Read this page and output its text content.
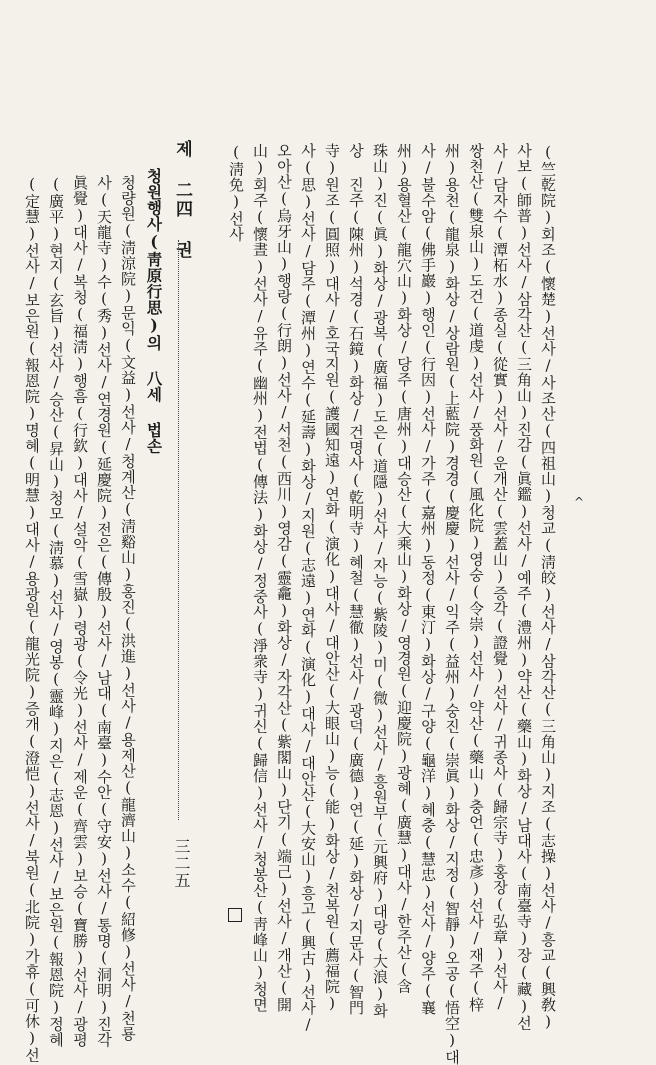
(竺乾院)회조(懷楚)선사/사조산(四祖山)청교(淸皎)선사/삼각산(三角山)지조(志操)선사/흥교(興敎)
사보(師普)선사/삼각산(三角山)진감(眞鑑)선사/예주(澧州)약산(藥山)화상/남대사(南臺寺)장(藏)선
사/담자수(潭柘水)종실(從實)선사/운개산(雲蓋山)증각(證覺)선사/귀종사(歸宗寺)홍장(弘章)선사/
쌍천산(雙泉山)도건(道虔)선사/풍화원(風化院)영숭(令崇)선사/약산(藥山)충언(忠彥)선사/재주(梓
州)용천(龍泉)화상/상람원(上藍院)경경(慶慶)선사/익주(益州)숭진(崇眞)화상/지정(智靜)오공(悟空)대
사/불수암(佛手巖)행인(行因)선사/가주(嘉州)동정(東汀)화상/구양(龜洋)혜충(慧忠)선사/양주(襄
州)용혈산(龍穴山)화상/당주(唐州)대승산(大乘山)화상/영경원(迎慶院)광혜(廣慧)대사/한주산(含
珠山)진(眞)화상/광복(廣福)도은(道隱)선사/자능(紫陵)미(微)선사/흥원부(元興府)대랑(大浪)화
상 진주(陳州)석경(石鏡)화상/건명사(乾明寺)혜철(慧徹)선사/광덕(廣德)연(延)화상/지문사(智門
寺)원조(圓照)대사/호국지원(護國知遠)연화(演化)대사/대안산(大眼山)능(能)화상/천복원(薦福院)
사(思)선사/담주(潭州)연수(延壽)화상/지원(志遠)연화(演化)대사/대안산(大安山)흥고(興古)선사/
오아산(烏牙山)행랑(行朗)선사/서천(西川)영감(靈龕)화상/자각산(紫閣山)단기(端己)선사/개산(開
山)회주(懷晝)선사/유주(幽州)전법(傳法)화상/정중사(淨衆寺)귀신(歸信)선사/청봉산(靑峰山)청면
(淸免)선사
제 二四 권
三二五
청원행사(靑原行思)의 八세 법손
청량원(淸涼院)문익(文益)선사/청계산(淸谿山)홍진(洪進)선사/용제산(龍濟山)소수(紹修)선사/천룡
사(天龍寺)수(秀)선사/연경원(延慶院)전은(傳殷)선사/남대(南臺)수안(守安)선사/통명(洞明)진각
眞覺)대사/복청(福淸)행흠(行欽)대사/설악(雪嶽)령광(令光)선사/제운(齊雲)보승(寶勝)선사/광평
(廣平)현지(玄旨)선사/승산(昇山)청모(淸慕)선사/영봉(靈峰)지은(志恩)선사/보은원(報恩院)정혜
(定慧)선사/보은원(報恩院)명혜(明慧)대사/용광원(龍光院)증개(澄恺)선사/북원(北院)가휴(可休)선	^
